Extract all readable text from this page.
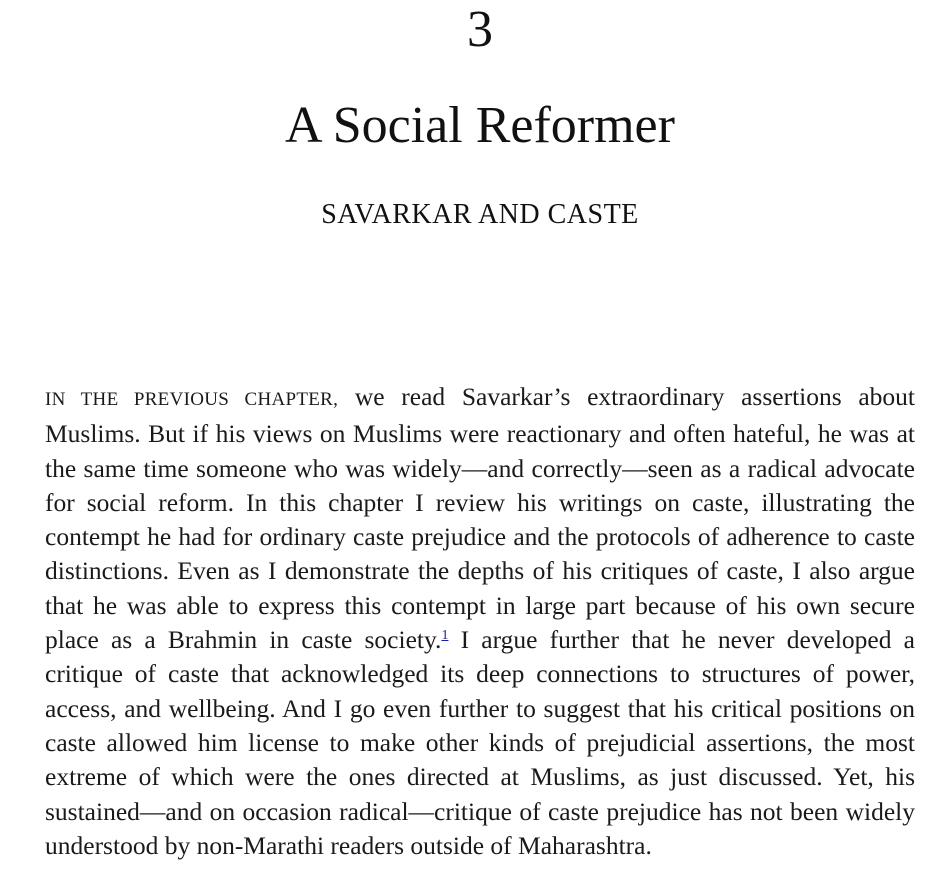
3
A Social Reformer
SAVARKAR AND CASTE

IN THE PREVIOUS CHAPTER, we read Savarkar’s extraordinary assertions about Muslims. But if his views on Muslims were reactionary and often hateful, he was at the same time someone who was widely—and correctly—seen as a radical advocate for social reform. In this chapter I review his writings on caste, illustrating the contempt he had for ordinary caste prejudice and the protocols of adherence to caste distinctions. Even as I demonstrate the depths of his critiques of caste, I also argue that he was able to express this contempt in large part because of his own secure place as a Brahmin in caste society.$^1$ I argue further that he never developed a critique of caste that acknowledged its deep connections to structures of power, access, and wellbeing. And I go even further to suggest that his critical positions on caste allowed him license to make other kinds of prejudicial assertions, the most extreme of which were the ones directed at Muslims, as just discussed. Yet, his sustained—and on occasion radical—critique of caste prejudice has not been widely understood by non-Marathi readers outside of Maharashtra.
